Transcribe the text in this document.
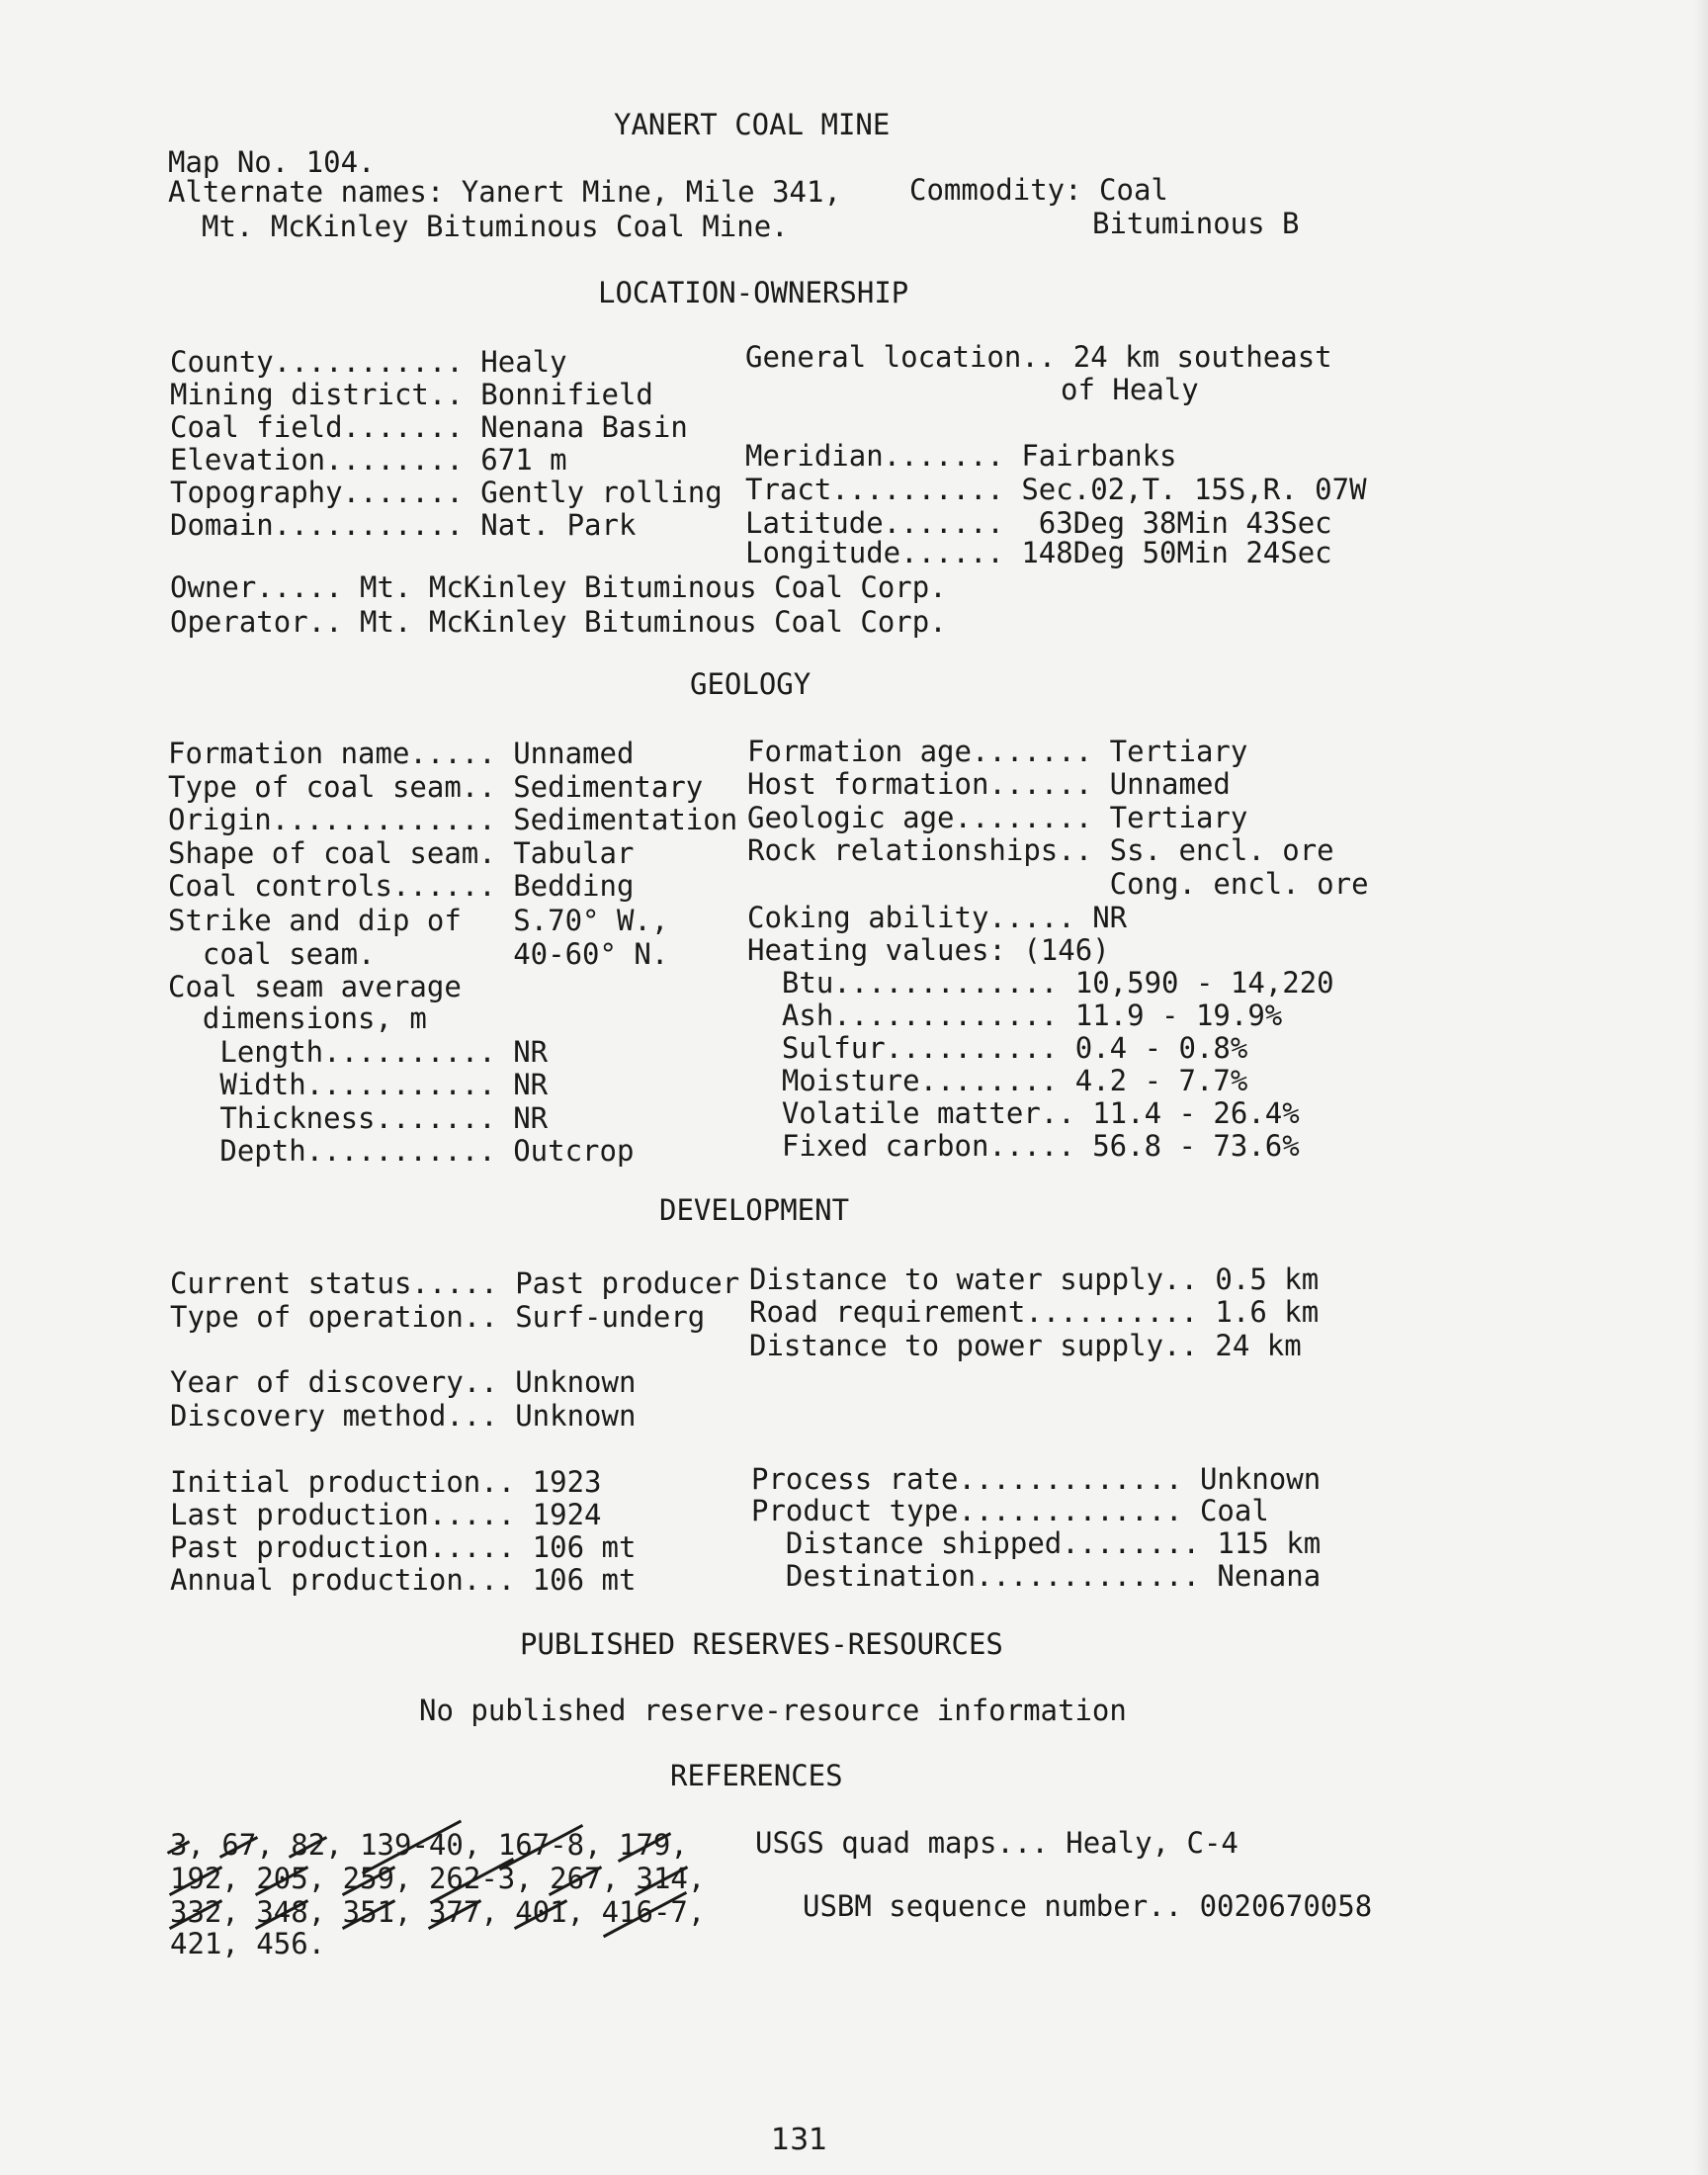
YANERT COAL MINE
Map No. 104.
Alternate names: Yanert Mine, Mile 341,
Mt. McKinley Bituminous Coal Mine.
Commodity: Coal
Bituminous B
LOCATION-OWNERSHIP
County........... Healy
Mining district.. Bonnifield
Coal field....... Nenana Basin
Elevation........ 671 m
Topography....... Gently rolling
Domain........... Nat. Park
General location.. 24 km southeast
of Healy
Meridian....... Fairbanks
Tract.......... Sec.02,T. 15S,R. 07W
Latitude.......  63Deg 38Min 43Sec
Longitude...... 148Deg 50Min 24Sec
Owner..... Mt. McKinley Bituminous Coal Corp.
Operator.. Mt. McKinley Bituminous Coal Corp.
GEOLOGY
Formation name..... Unnamed
Type of coal seam.. Sedimentary
Origin............. Sedimentation
Shape of coal seam. Tabular
Coal controls...... Bedding
Strike and dip of   S.70° W.,
coal seam.        40-60° N.
Coal seam average
dimensions, m
Length.......... NR
Width........... NR
Thickness....... NR
Depth........... Outcrop
Formation age....... Tertiary
Host formation...... Unnamed
Geologic age........ Tertiary
Rock relationships.. Ss. encl. ore
Cong. encl. ore
Coking ability..... NR
Heating values: (146)
Btu............. 10,590 - 14,220
Ash............. 11.9 - 19.9%
Sulfur.......... 0.4 - 0.8%
Moisture........ 4.2 - 7.7%
Volatile matter.. 11.4 - 26.4%
Fixed carbon..... 56.8 - 73.6%
DEVELOPMENT
Current status..... Past producer
Type of operation.. Surf-underg
Distance to water supply.. 0.5 km
Road requirement.......... 1.6 km
Distance to power supply.. 24 km
Year of discovery.. Unknown
Discovery method... Unknown
Initial production.. 1923
Last production..... 1924
Past production..... 106 mt
Annual production... 106 mt
Process rate............. Unknown
Product type............. Coal
Distance shipped........ 115 km
Destination............. Nenana
PUBLISHED RESERVES-RESOURCES
No published reserve-resource information
REFERENCES
3, 67, 82, 139-40, 167-8, 179,
192, 205, 259, 262-3, 267, 314,
332, 348, 351, 377, 401, 416-7,
421, 456.
USGS quad maps... Healy, C-4
USBM sequence number.. 0020670058
131
